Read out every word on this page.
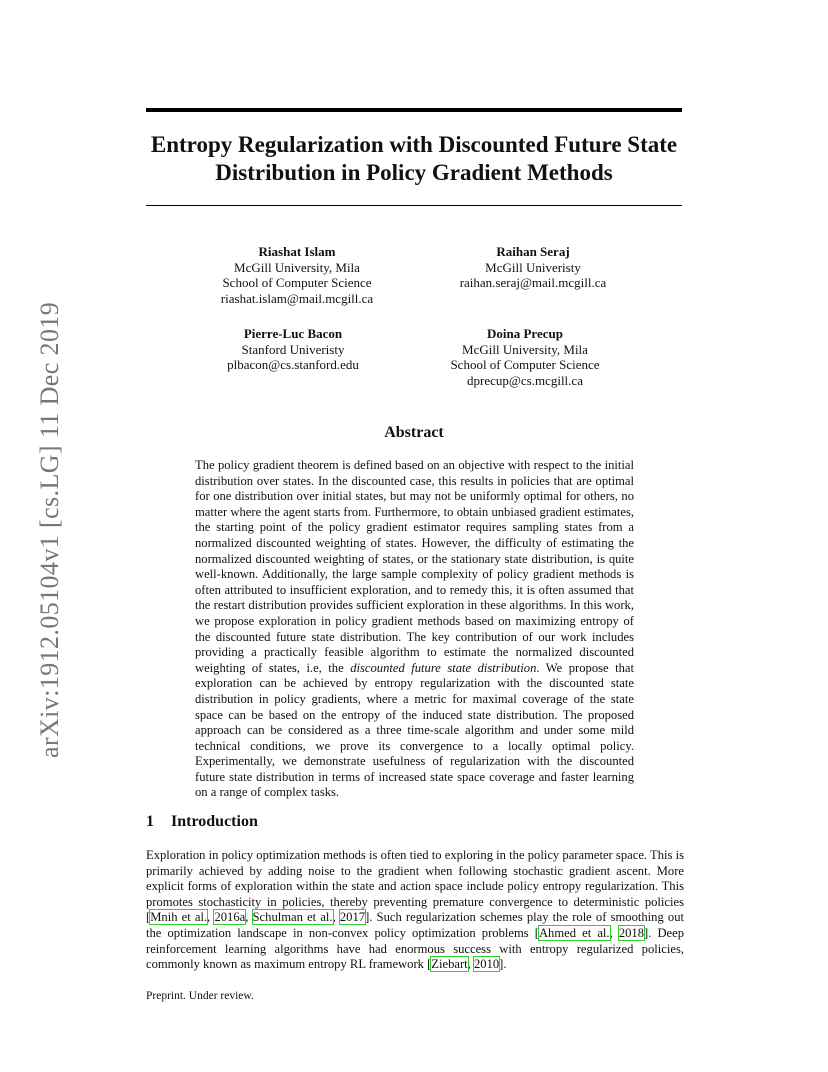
arXiv:1912.05104v1 [cs.LG] 11 Dec 2019
Entropy Regularization with Discounted Future State Distribution in Policy Gradient Methods
Riashat Islam
McGill University, Mila
School of Computer Science
riashat.islam@mail.mcgill.ca
Raihan Seraj
McGill Univeristy
raihan.seraj@mail.mcgill.ca
Pierre-Luc Bacon
Stanford Univeristy
plbacon@cs.stanford.edu
Doina Precup
McGill University, Mila
School of Computer Science
dprecup@cs.mcgill.ca
Abstract

The policy gradient theorem is defined based on an objective with respect to the initial distribution over states. In the discounted case, this results in policies that are optimal for one distribution over initial states, but may not be uniformly optimal for others, no matter where the agent starts from. Furthermore, to obtain unbiased gradient estimates, the starting point of the policy gradient estimator requires sampling states from a normalized discounted weighting of states. However, the difficulty of estimating the normalized discounted weighting of states, or the stationary state distribution, is quite well-known. Additionally, the large sample complexity of policy gradient methods is often attributed to insufficient exploration, and to remedy this, it is often assumed that the restart distribution provides sufficient exploration in these algorithms. In this work, we propose exploration in policy gradient methods based on maximizing entropy of the discounted future state distribution. The key contribution of our work includes providing a practically feasible algorithm to estimate the normalized discounted weighting of states, i.e, the discounted future state distribution. We propose that exploration can be achieved by entropy regularization with the discounted state distribution in policy gradients, where a metric for maximal coverage of the state space can be based on the entropy of the induced state distribution. The proposed approach can be considered as a three time-scale algorithm and under some mild technical conditions, we prove its convergence to a locally optimal policy. Experimentally, we demonstrate usefulness of regularization with the discounted future state distribution in terms of increased state space coverage and faster learning on a range of complex tasks.

1 Introduction

Exploration in policy optimization methods is often tied to exploring in the policy parameter space. This is primarily achieved by adding noise to the gradient when following stochastic gradient ascent. More explicit forms of exploration within the state and action space include policy entropy regularization. This promotes stochasticity in policies, thereby preventing premature convergence to deterministic policies [Mnih et al., 2016a, Schulman et al., 2017]. Such regularization schemes play the role of smoothing out the optimization landscape in non-convex policy optimization problems [Ahmed et al., 2018]. Deep reinforcement learning algorithms have had enormous success with entropy regularized policies, commonly known as maximum entropy RL framework [Ziebart, 2010].

Preprint. Under review.
